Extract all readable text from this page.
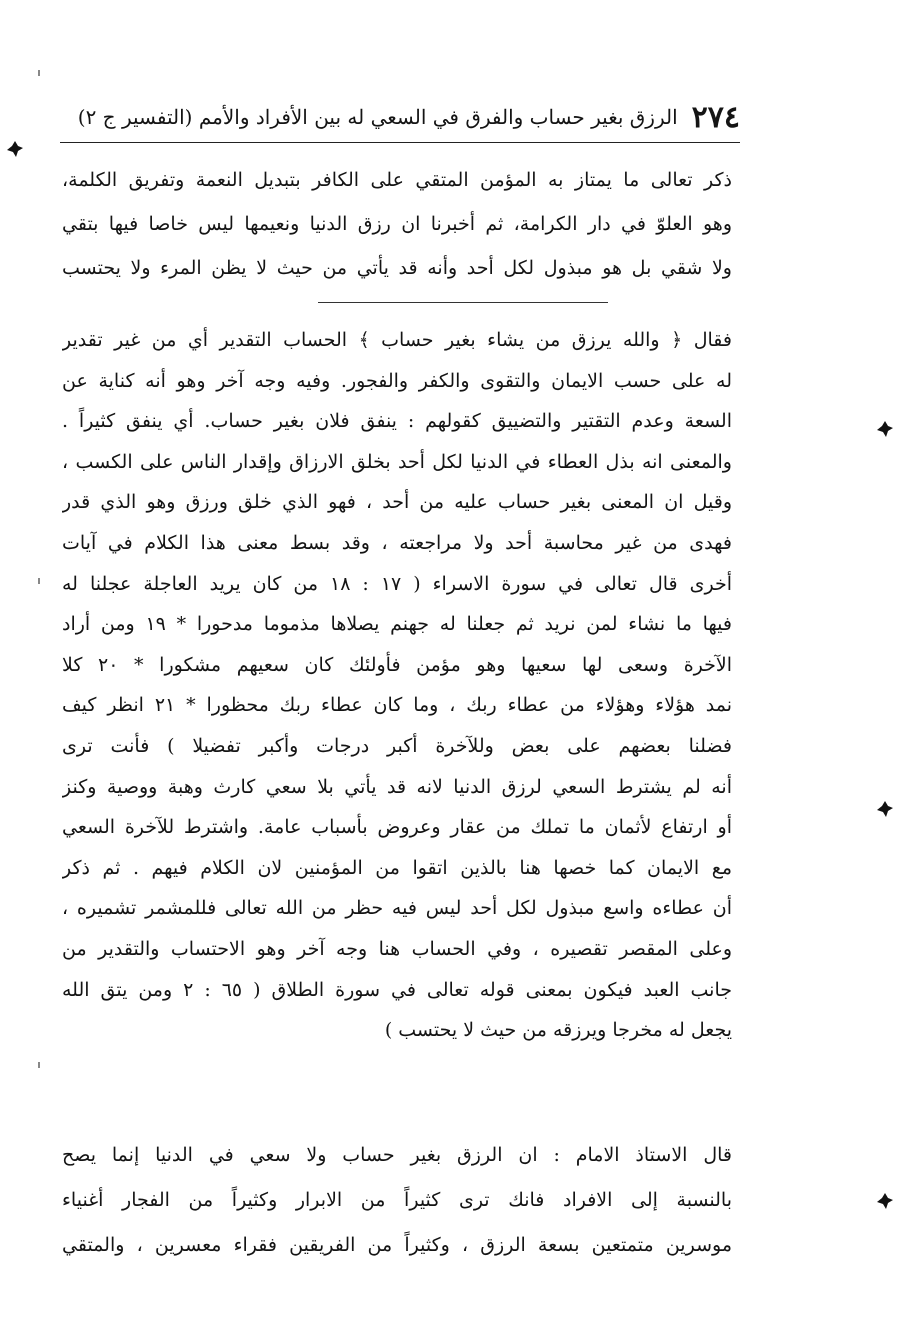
٢٧٤
الرزق بغير حساب والفرق في السعي له بين الأفراد والأمم (التفسير ج ٢)
ذكر تعالى ما يمتاز به المؤمن المتقي على الكافر بتبديل النعمة وتفريق الكلمة،
وهو العلوّ في دار الكرامة، ثم أخبرنا ان رزق الدنيا ونعيمها ليس خاصا فيها بتقي
ولا شقي بل هو مبذول لكل أحد وأنه قد يأتي من حيث لا يظن المرء ولا يحتسب
فقال ﴿ والله يرزق من يشاء بغير حساب ﴾ الحساب التقدير أي من غير تقدير
له على حسب الايمان والتقوى والكفر والفجور. وفيه وجه آخر وهو أنه كناية عن
السعة وعدم التقتير والتضييق كقولهم : ينفق فلان بغير حساب. أي ينفق كثيراً .
والمعنى انه بذل العطاء في الدنيا لكل أحد بخلق الارزاق وإقدار الناس على الكسب ،
وقيل ان المعنى بغير حساب عليه من أحد ، فهو الذي خلق ورزق وهو الذي قدر
فهدى من غير محاسبة أحد ولا مراجعته ، وقد بسط معنى هذا الكلام في آيات
أخرى قال تعالى في سورة الاسراء ( ١٧ : ١٨ من كان يريد العاجلة عجلنا له
فيها ما نشاء لمن نريد ثم جعلنا له جهنم يصلاها مذموما مدحورا * ١٩ ومن أراد
الآخرة وسعى لها سعيها وهو مؤمن فأولئك كان سعيهم مشكورا * ٢٠ كلا
نمد هؤلاء وهؤلاء من عطاء ربك ، وما كان عطاء ربك محظورا * ٢١ انظر كيف
فضلنا بعضهم على بعض وللآخرة أكبر درجات وأكبر تفضيلا ) فأنت ترى
أنه لم يشترط السعي لرزق الدنيا لانه قد يأتي بلا سعي كارث وهبة ووصية وكنز
أو ارتفاع لأثمان ما تملك من عقار وعروض بأسباب عامة. واشترط للآخرة السعي
مع الايمان كما خصها هنا بالذين اتقوا من المؤمنين لان الكلام فيهم . ثم ذكر
أن عطاءه واسع مبذول لكل أحد ليس فيه حظر من الله تعالى فللمشمر تشميره ،
وعلى المقصر تقصيره ، وفي الحساب هنا وجه آخر وهو الاحتساب والتقدير من
جانب العبد فيكون بمعنى قوله تعالى في سورة الطلاق ( ٦٥ : ٢ ومن يتق الله
يجعل له مخرجا ويرزقه من حيث لا يحتسب )
قال الاستاذ الامام : ان الرزق بغير حساب ولا سعي في الدنيا إنما يصح
بالنسبة إلى الافراد فانك ترى كثيراً من الابرار وكثيراً من الفجار أغنياء
موسرين متمتعين بسعة الرزق ، وكثيراً من الفريقين فقراء معسرين ، والمتقي
